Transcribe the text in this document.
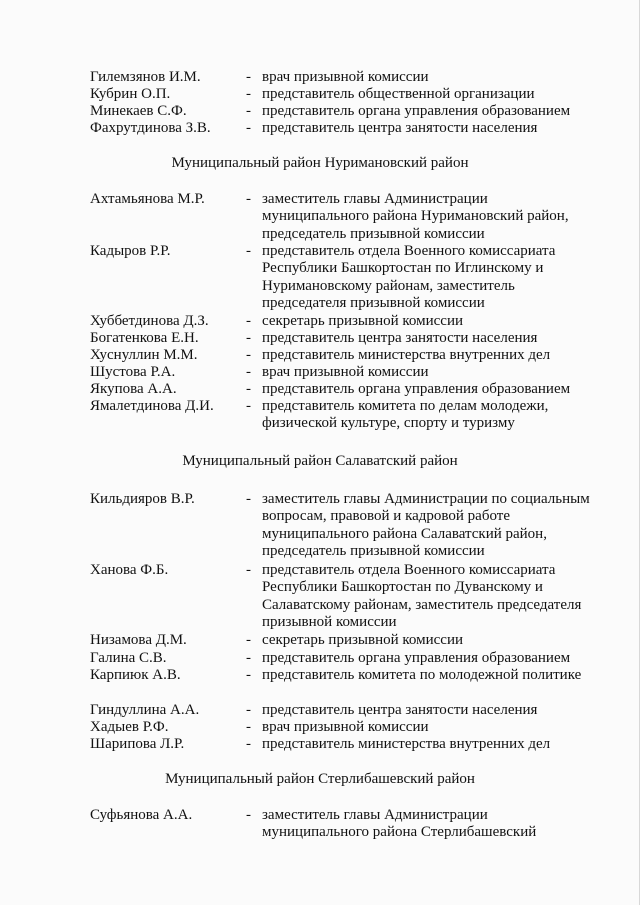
Гилемзянов И.М.	- врач призывной комиссии
Кубрин О.П.	- представитель общественной организации
Минекаев С.Ф.	- представитель органа управления образованием
Фахрутдинова З.В.	- представитель центра занятости населения
Муниципальный район Нуримановский район
Ахтамьянова М.Р.	- заместитель главы Администрации муниципального района Нуримановский район, председатель призывной комиссии
Кадыров Р.Р.	- представитель отдела Военного комиссариата Республики Башкортостан по Иглинскому и Нуримановскому районам, заместитель председателя призывной комиссии
Хуббетдинова Д.З.	- секретарь призывной комиссии
Богатенкова Е.Н.	- представитель центра занятости населения
Хуснуллин М.М.	- представитель министерства внутренних дел
Шустова Р.А.	- врач призывной комиссии
Якупова А.А.	- представитель органа управления образованием
Ямалетдинова Д.И.	- представитель комитета по делам молодежи, физической культуре, спорту и туризму
Муниципальный район Салаватский район
Кильдияров В.Р.	- заместитель главы Администрации по социальным вопросам, правовой и кадровой работе муниципального района Салаватский район, председатель призывной комиссии
Ханова Ф.Б.	- представитель отдела Военного комиссариата Республики Башкортостан по Дуванскому и Салаватскому районам, заместитель председателя призывной комиссии
Низамова Д.М.	- секретарь призывной комиссии
Галина С.В.	- представитель органа управления образованием
Карпиюк А.В.	- представитель комитета по молодежной политике
Гиндуллина А.А.	- представитель центра занятости населения
Хадыев Р.Ф.	- врач призывной комиссии
Шарипова Л.Р.	- представитель министерства внутренних дел
Муниципальный район Стерлибашевский район
Суфьянова А.А.	- заместитель главы Администрации муниципального района Стерлибашевский
